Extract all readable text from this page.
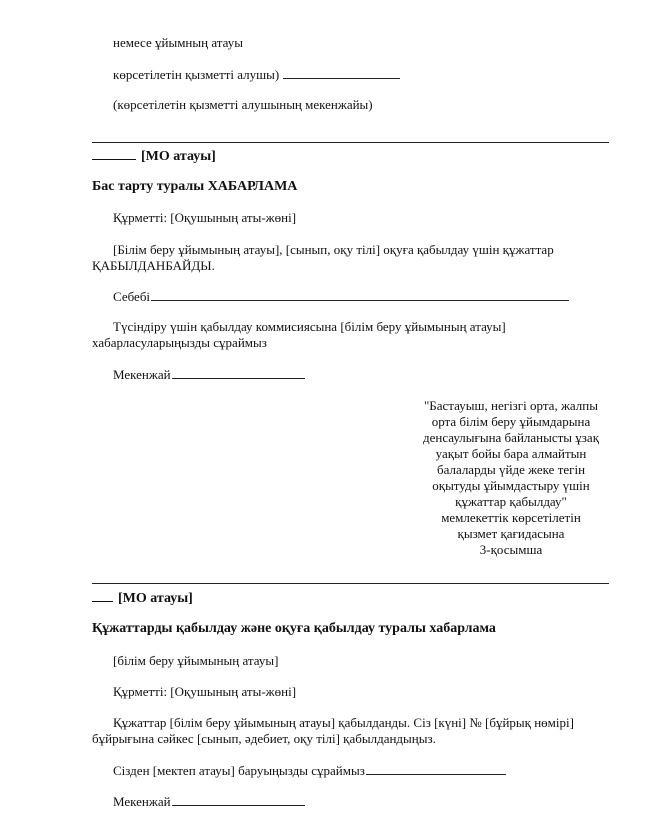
немесе ұйымның атауы
көрсетілетін қызметті алушы)
(көрсетілетін қызметті алушының мекенжайы)
[МО атауы]
Бас тарту туралы ХАБАРЛАМА
Құрметті: [Оқушының аты-жөні]
[Білім беру ұйымының атауы], [сынып, оқу тілі] оқуға қабылдау үшін құжаттар ҚАБЫЛДАНБАЙДЫ.
Себебі
Түсіндіру үшін қабылдау коммисиясына [білім беру ұйымының атауы] хабарласуларыңызды сұраймыз
Мекенжай
"Бастауыш, негізгі орта, жалпы
орта білім беру ұйымдарына
денсаулығына байланысты ұзақ
уақыт бойы бара алмайтын
балаларды үйде жеке тегін
оқытуды ұйымдастыру үшін
құжаттар қабылдау"
мемлекеттік көрсетілетін
қызмет қағидасына
3-қосымша
[МО атауы]
Құжаттарды қабылдау және оқуға қабылдау туралы хабарлама
[білім беру ұйымының атауы]
Құрметті: [Оқушының аты-жөні]
Құжаттар [білім беру ұйымының атауы] қабылданды. Сіз [күні] № [бұйрық нөмірі] бұйрығына сәйкес [сынып, әдебиет, оқу тілі] қабылдандыңыз.
Сізден [мектеп атауы] баруыңызды сұраймыз
Мекенжай
